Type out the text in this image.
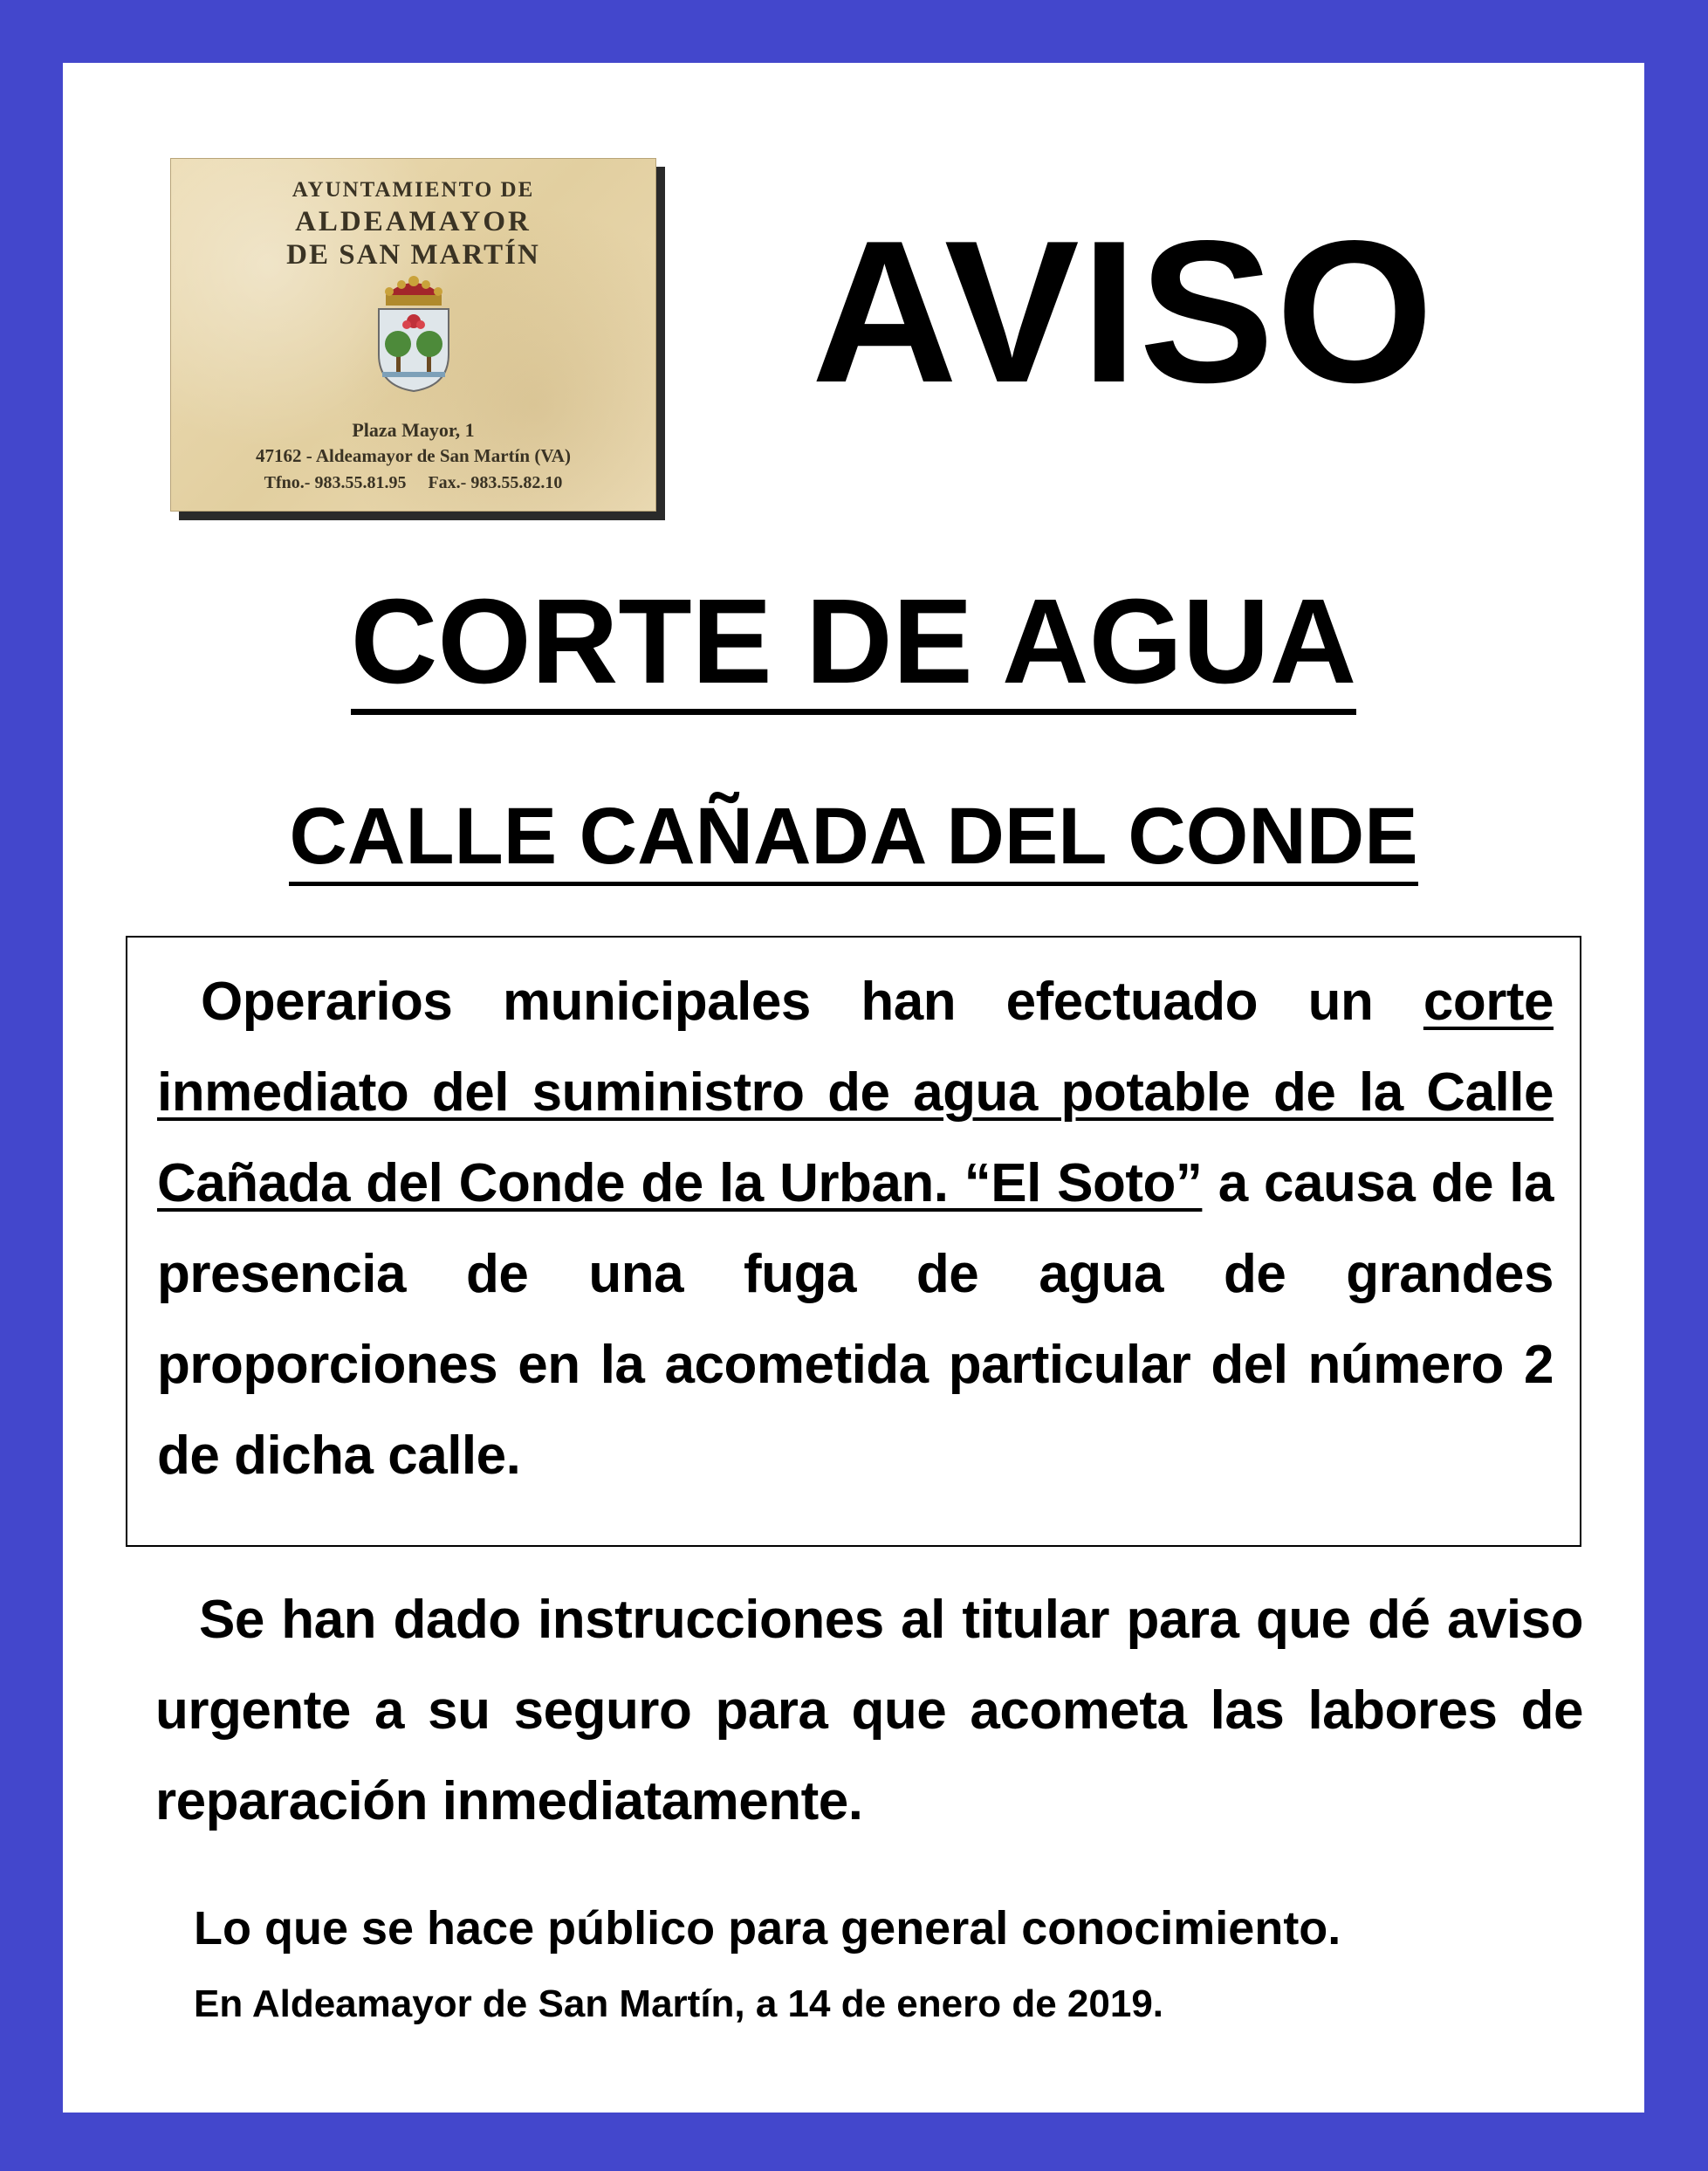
AYUNTAMIENTO DE
ALDEAMAYOR
DE SAN MARTÍN
Plaza Mayor, 1
47162 - Aldeamayor de San Martín (VA)
Tfno.- 983.55.81.95 Fax.- 983.55.82.10
AVISO
CORTE DE AGUA
CALLE CAÑADA DEL CONDE
Operarios municipales han efectuado un corte inmediato del suministro de agua potable de la Calle Cañada del Conde de la Urban. “El Soto” a causa de la presencia de una fuga de agua de grandes proporciones en la acometida particular del número 2 de dicha calle.
Se han dado instrucciones al titular para que dé aviso urgente a su seguro para que acometa las labores de reparación inmediatamente.
Lo que se hace público para general conocimiento.
En Aldeamayor de San Martín, a 14 de enero de 2019.
